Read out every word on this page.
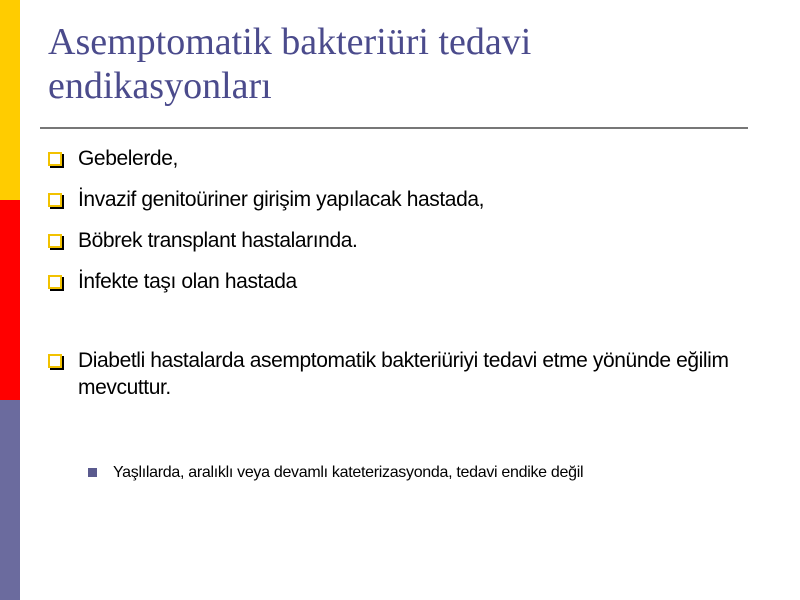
Asemptomatik bakteriüri tedavi endikasyonları
Gebelerde,
İnvazif genitoüriner girişim yapılacak hastada,
Böbrek transplant hastalarında.
İnfekte taşı olan hastada
Diabetli hastalarda asemptomatik bakteriüriyi tedavi etme yönünde eğilim mevcuttur.
Yaşlılarda, aralıklı veya devamlı kateterizasyonda, tedavi endike değil
